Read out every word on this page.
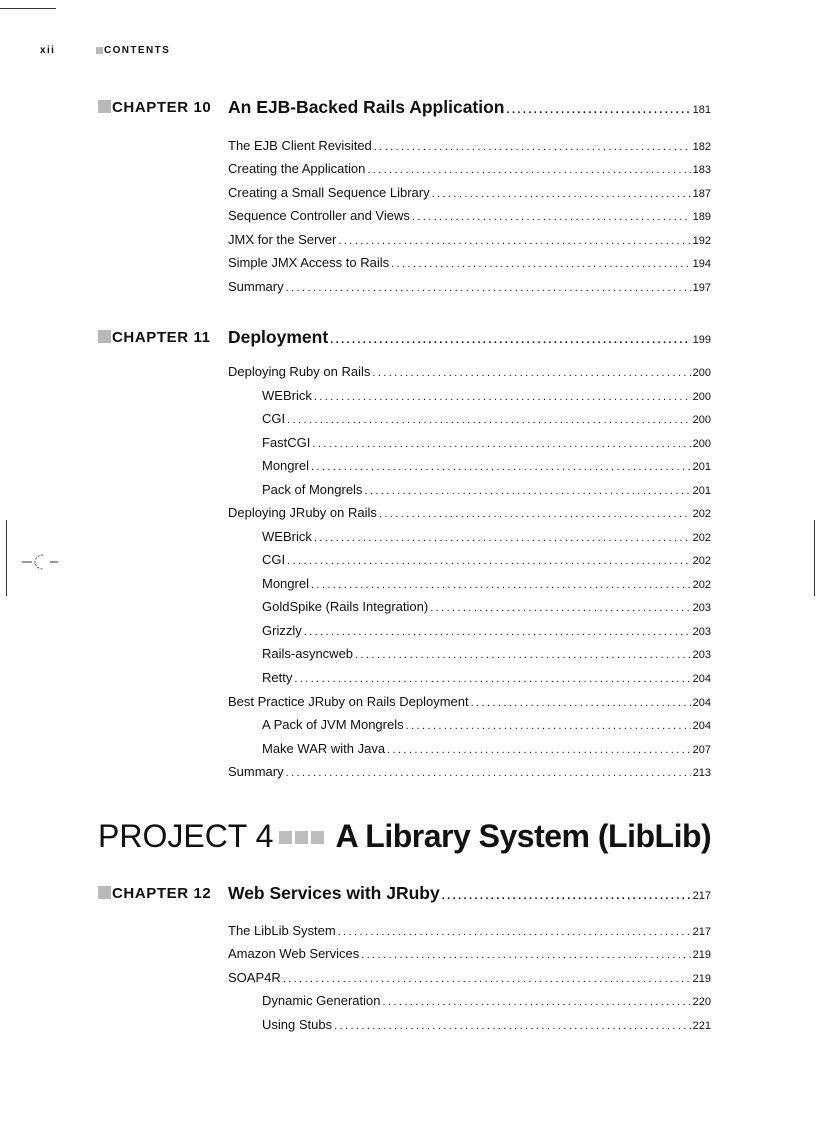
xii	CONTENTS
CHAPTER 10 An EJB-Backed Rails Application .....	181
The EJB Client Revisited .....	182
Creating the Application .....	183
Creating a Small Sequence Library .....	187
Sequence Controller and Views .....	189
JMX for the Server .....	192
Simple JMX Access to Rails .....	194
Summary .....	197
CHAPTER 11 Deployment .....	199
Deploying Ruby on Rails .....	200
WEBrick .....	200
CGI .....	200
FastCGI .....	200
Mongrel .....	201
Pack of Mongrels .....	201
Deploying JRuby on Rails .....	202
WEBrick .....	202
CGI .....	202
Mongrel .....	202
GoldSpike (Rails Integration) .....	203
Grizzly .....	203
Rails-asyncweb .....	203
Retty .....	204
Best Practice JRuby on Rails Deployment .....	204
A Pack of JVM Mongrels .....	204
Make WAR with Java .....	207
Summary .....	213
PROJECT 4 A Library System (LibLib)
CHAPTER 12 Web Services with JRuby .....	217
The LibLib System .....	217
Amazon Web Services .....	219
SOAP4R .....	219
Dynamic Generation .....	220
Using Stubs .....	221
